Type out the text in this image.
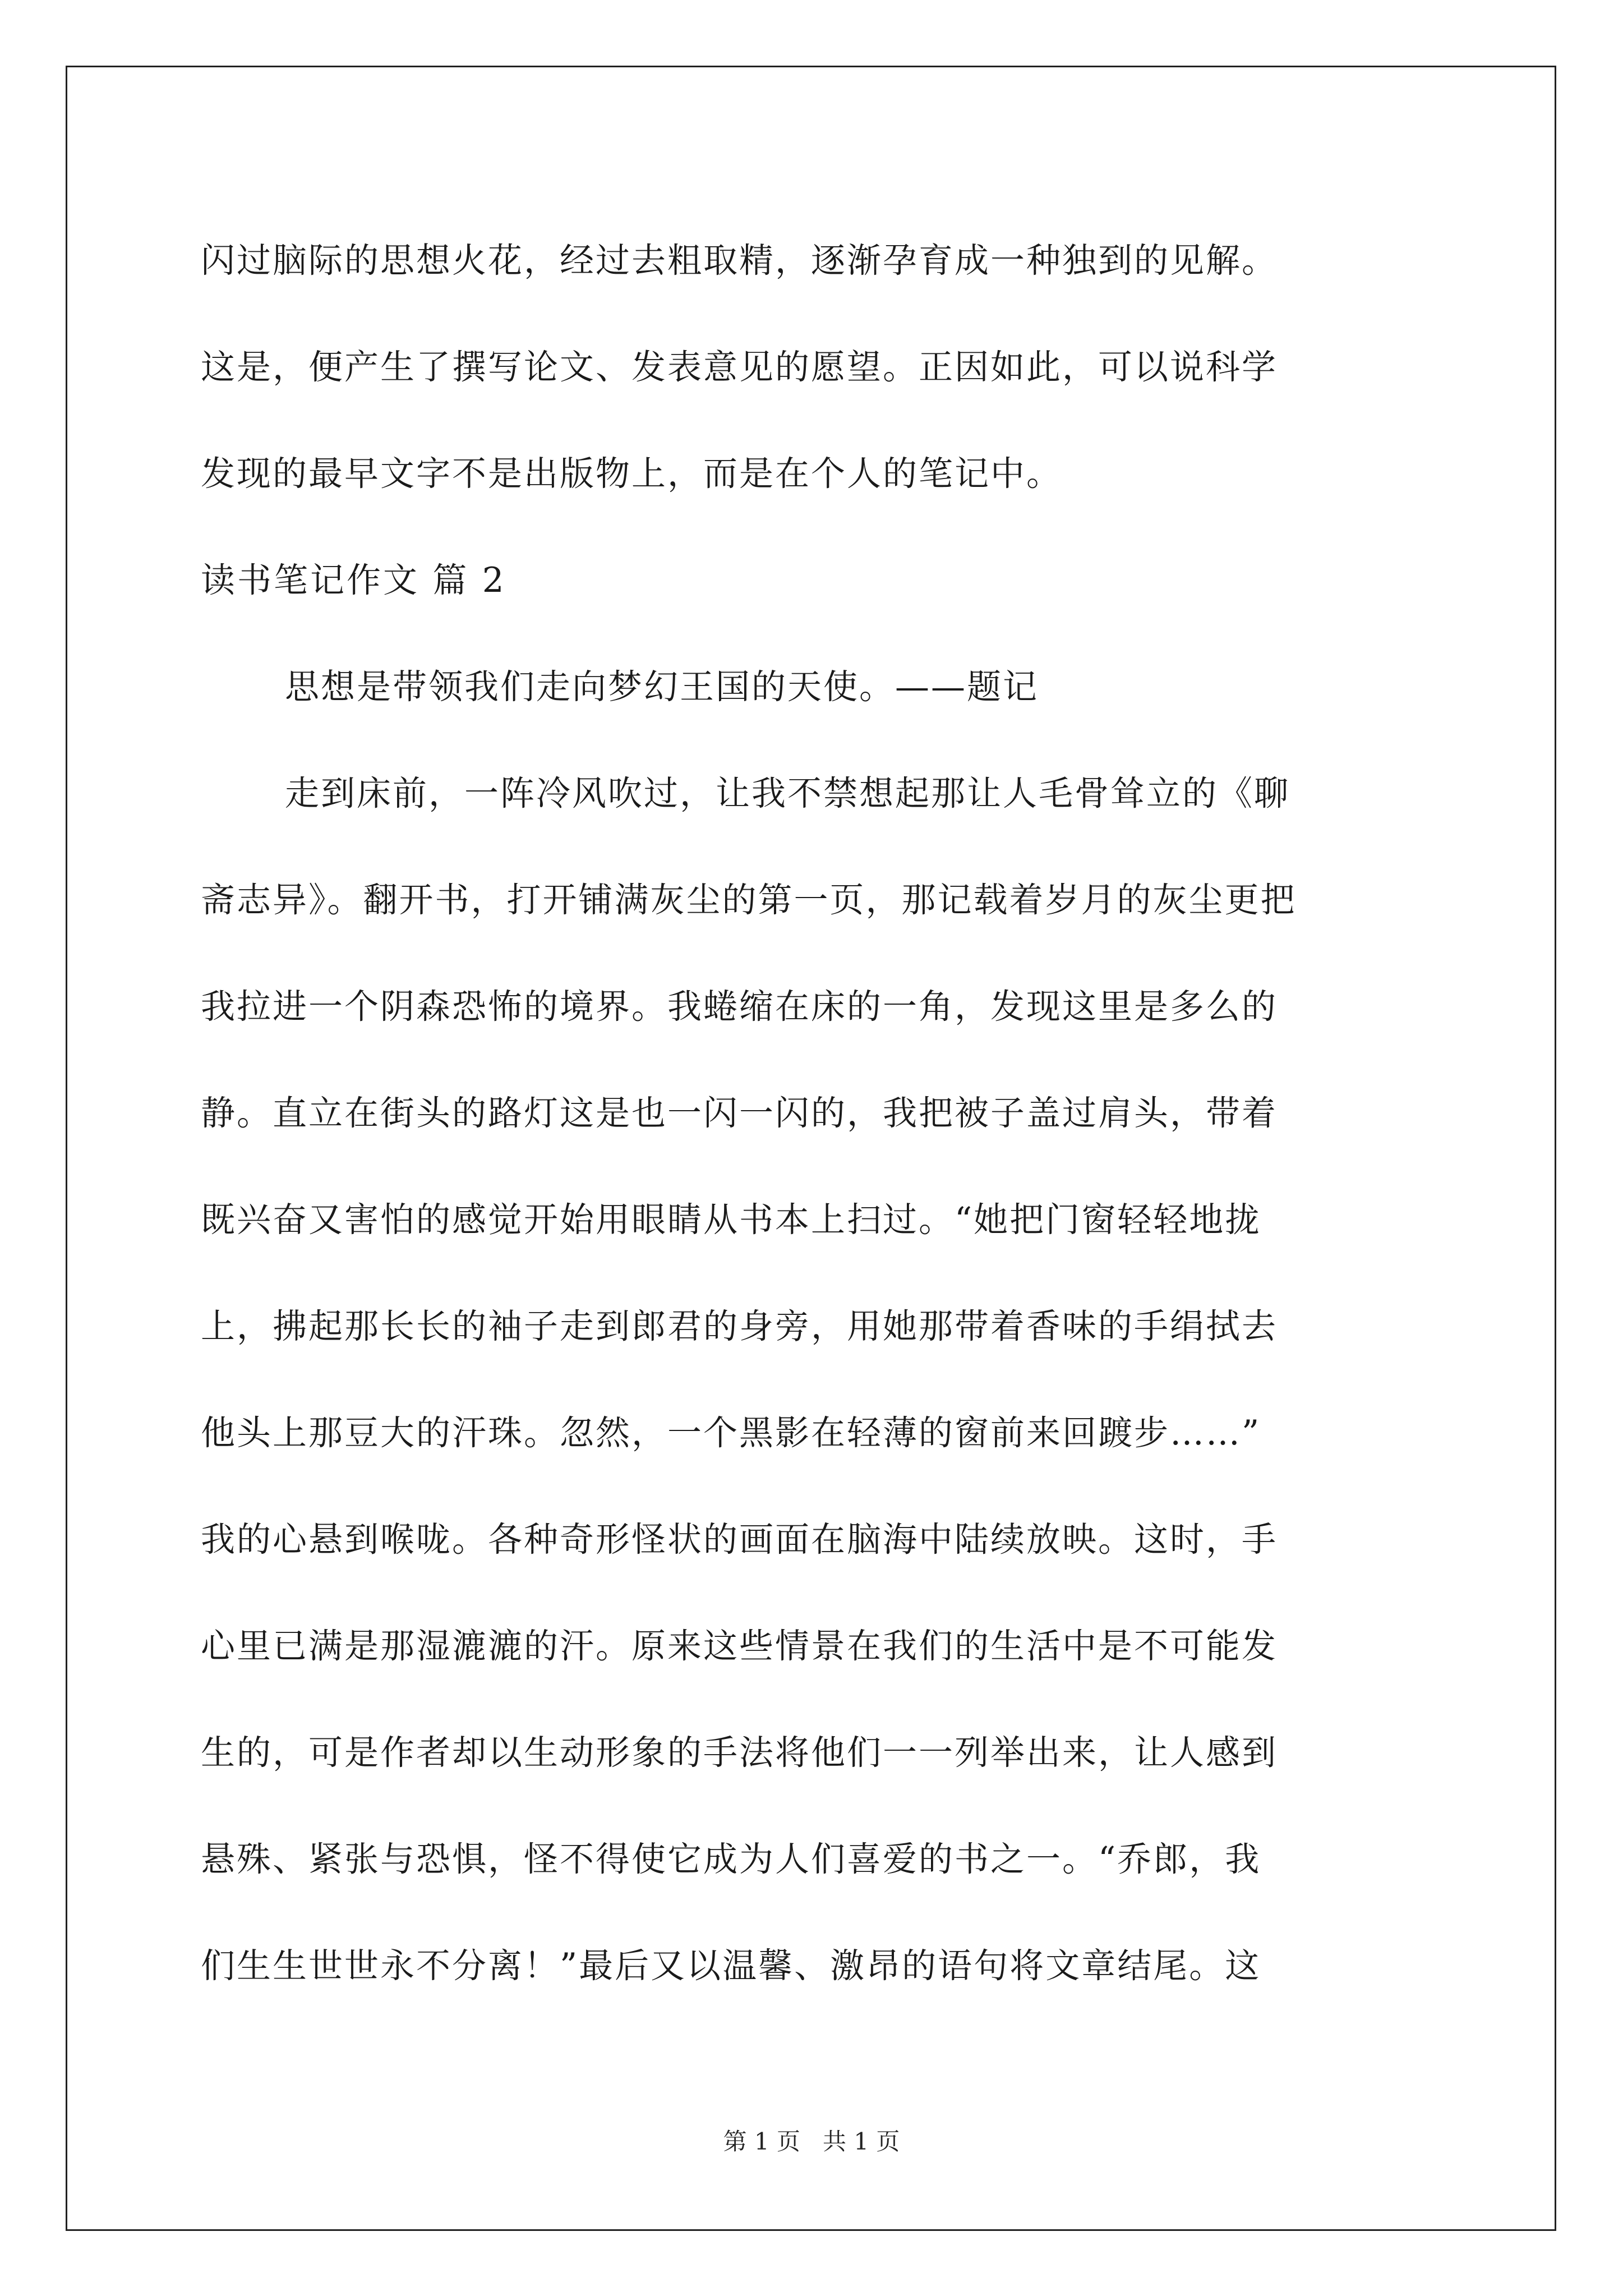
闪过脑际的思想火花，经过去粗取精，逐渐孕育成一种独到的见解。
这是，便产生了撰写论文、发表意见的愿望。正因如此，可以说科学
发现的最早文字不是出版物上，而是在个人的笔记中。
读书笔记作文 篇 2
思想是带领我们走向梦幻王国的天使。——题记
走到床前，一阵冷风吹过，让我不禁想起那让人毛骨耸立的《聊
斋志异》。翻开书，打开铺满灰尘的第一页，那记载着岁月的灰尘更把
我拉进一个阴森恐怖的境界。我蜷缩在床的一角，发现这里是多么的
静。直立在街头的路灯这是也一闪一闪的，我把被子盖过肩头，带着
既兴奋又害怕的感觉开始用眼睛从书本上扫过。“她把门窗轻轻地拢
上，拂起那长长的袖子走到郎君的身旁，用她那带着香味的手绢拭去
他头上那豆大的汗珠。忽然，一个黑影在轻薄的窗前来回踱步……”
我的心悬到喉咙。各种奇形怪状的画面在脑海中陆续放映。这时，手
心里已满是那湿漉漉的汗。原来这些情景在我们的生活中是不可能发
生的，可是作者却以生动形象的手法将他们一一列举出来，让人感到
悬殊、紧张与恐惧，怪不得使它成为人们喜爱的书之一。“乔郎，我
们生生世世永不分离！”最后又以温馨、激昂的语句将文章结尾。这
第 1 页 共 1 页
